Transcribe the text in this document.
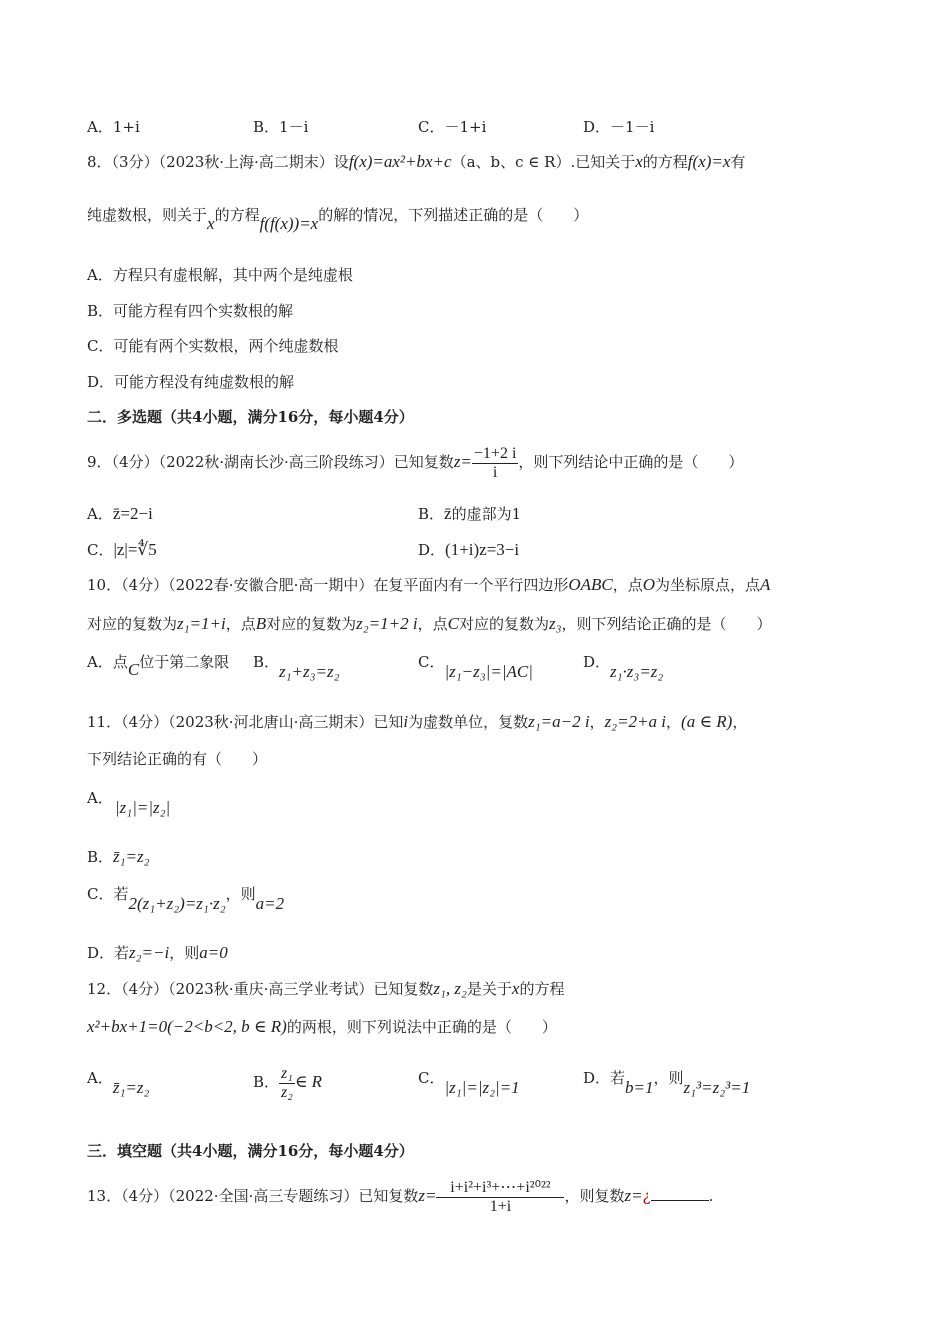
A．1+i	B．1－i	C．－1+i	D．－1－i
8．（3分）（2023秋·上海·高二期末）设f(x)=ax²+bx+c（a、b、c ∈ R）.已知关于x的方程f(x)=x有
纯虚数根，则关于x的方程f(f(x))=x的解的情况，下列描述正确的是（　　）
A．方程只有虚根解，其中两个是纯虚根
B．可能方程有四个实数根的解
C．可能有两个实数根，两个纯虚数根
D．可能方程没有纯虚数根的解
二．多选题（共4小题，满分16分，每小题4分）
9．（4分）（2022秋·湖南长沙·高三阶段练习）已知复数$z= \frac{-1+2 i}{i}$ ，则下列结论中正确的是（　　）
A．z̄=2−i	B．z̄的虚部为1
C．|z|=∜5	D．(1+i)z=3−i
10．（4分）（2022春·安徽合肥·高一期中）在复平面内有一个平行四边形OABC，点O为坐标原点，点A
对应的复数为z₁=1+i，点B对应的复数为z₂=1+2 i，点C对应的复数为z₃，则下列结论正确的是（　　）
A．点C位于第二象限 B．z₁+z₃=z₂	C．|z₁−z₃|=|AC|	D．z₁·z₃=z₂
11．（4分）（2023秋·河北唐山·高三期末）已知i为虚数单位，复数z₁=a−2 i，z₂=2+a i，(a ∈ R)，
下列结论正确的有（　　）
A． |z₁|=|z₂|
B．z̄₁=z₂
C．若2(z₁+z₂)=z₁·z₂，则a=2
D．若z₂=−i，则a=0
12．（4分）（2023秋·重庆·高三学业考试）已知复数z₁, z₂是关于x的方程
x²+bx+1=0(−2<b<2, b ∈ R)的两根，则下列说法中正确的是（　　）
A．z̄₁=z₂	B． $\frac{\text{z₁}}{\text{z₂}}$ ∈ R	C．|z₁|=|z₂|=1	D．若b=1，则z₁³=z₂³=1
三．填空题（共4小题，满分16分，每小题4分）
13．（4分）（2022·全国·高三专题练习）已知复数$z= \frac{\text{i+i²+i³+⋯+i²⁰²²}}{1+i}$ ，则复数z=¿	.
